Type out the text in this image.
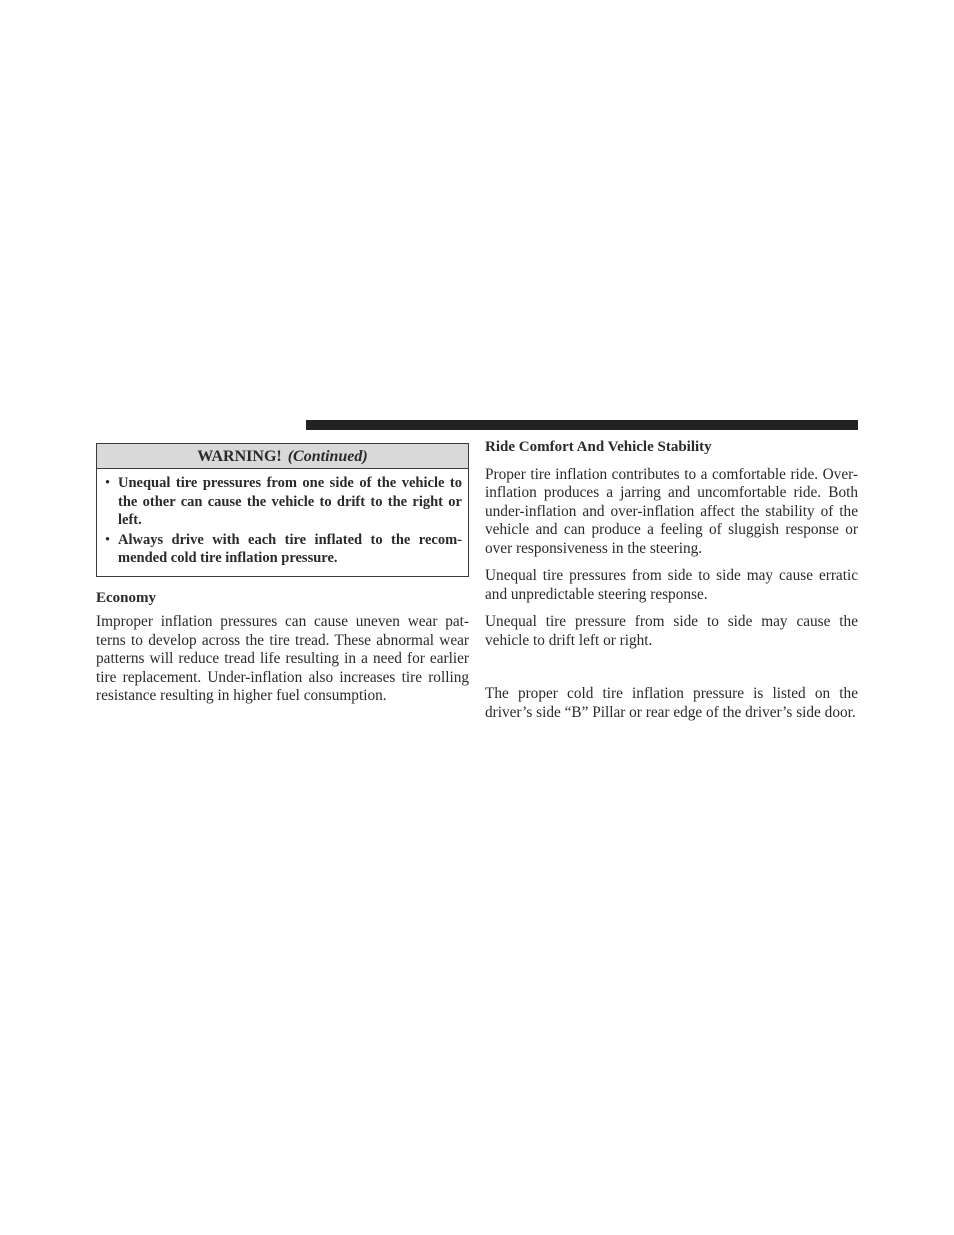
WARNING! (Continued)
• Unequal tire pressures from one side of the vehicle to the other can cause the vehicle to drift to the right or left.
• Always drive with each tire inflated to the recom-mended cold tire inflation pressure.
Economy

Improper inflation pressures can cause uneven wear pat-terns to develop across the tire tread. These abnormal wear patterns will reduce tread life resulting in a need for earlier tire replacement. Under-inflation also increases tire rolling resistance resulting in higher fuel consumption.

Ride Comfort And Vehicle Stability

Proper tire inflation contributes to a comfortable ride. Over-inflation produces a jarring and uncomfortable ride. Both under-inflation and over-inflation affect the stability of the vehicle and can produce a feeling of sluggish response or over responsiveness in the steering.

Unequal tire pressures from side to side may cause erratic and unpredictable steering response.

Unequal tire pressure from side to side may cause the vehicle to drift left or right.

The proper cold tire inflation pressure is listed on the driver’s side “B” Pillar or rear edge of the driver’s side door.
